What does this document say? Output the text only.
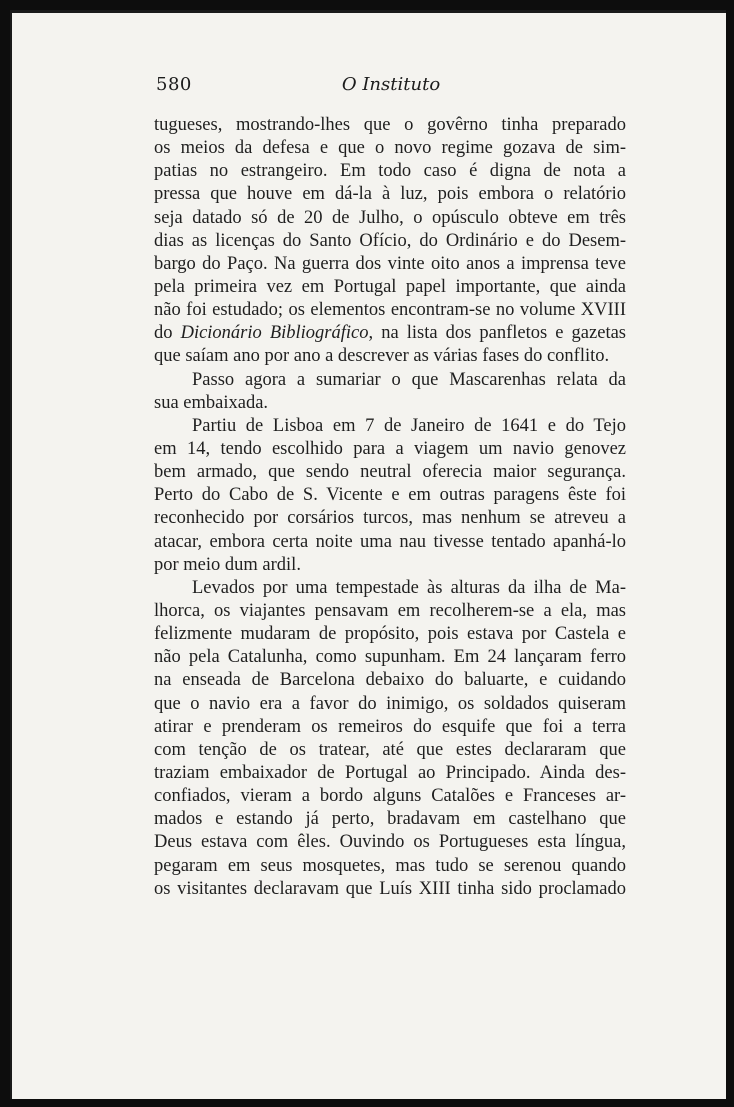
580	O Instituto

tugueses, mostrando-lhes que o govêrno tinha preparado
os meios da defesa e que o novo regime gozava de sim-
patias no estrangeiro. Em todo caso é digna de nota a
pressa que houve em dá-la à luz, pois embora o relatório
seja datado só de 20 de Julho, o opúsculo obteve em três
dias as licenças do Santo Ofício, do Ordinário e do Desem-
bargo do Paço. Na guerra dos vinte oito anos a imprensa teve
pela primeira vez em Portugal papel importante, que ainda
não foi estudado; os elementos encontram-se no volume XVIII
do Dicionário Bibliográfico, na lista dos panfletos e gazetas
que saíam ano por ano a descrever as várias fases do conflito.

Passo agora a sumariar o que Mascarenhas relata da
sua embaixada.

Partiu de Lisboa em 7 de Janeiro de 1641 e do Tejo
em 14, tendo escolhido para a viagem um navio genovez
bem armado, que sendo neutral oferecia maior segurança.
Perto do Cabo de S. Vicente e em outras paragens êste foi
reconhecido por corsários turcos, mas nenhum se atreveu a
atacar, embora certa noite uma nau tivesse tentado apanhá-lo
por meio dum ardil.

Levados por uma tempestade às alturas da ilha de Ma-
lhorca, os viajantes pensavam em recolherem-se a ela, mas
felizmente mudaram de propósito, pois estava por Castela e
não pela Catalunha, como supunham. Em 24 lançaram ferro
na enseada de Barcelona debaixo do baluarte, e cuidando
que o navio era a favor do inimigo, os soldados quiseram
atirar e prenderam os remeiros do esquife que foi a terra
com tenção de os tratear, até que estes declararam que
traziam embaixador de Portugal ao Principado. Ainda des-
confiados, vieram a bordo alguns Catalões e Franceses ar-
mados e estando já perto, bradavam em castelhano que
Deus estava com êles. Ouvindo os Portugueses esta língua,
pegaram em seus mosquetes, mas tudo se serenou quando
os visitantes declaravam que Luís XIII tinha sido proclamado
